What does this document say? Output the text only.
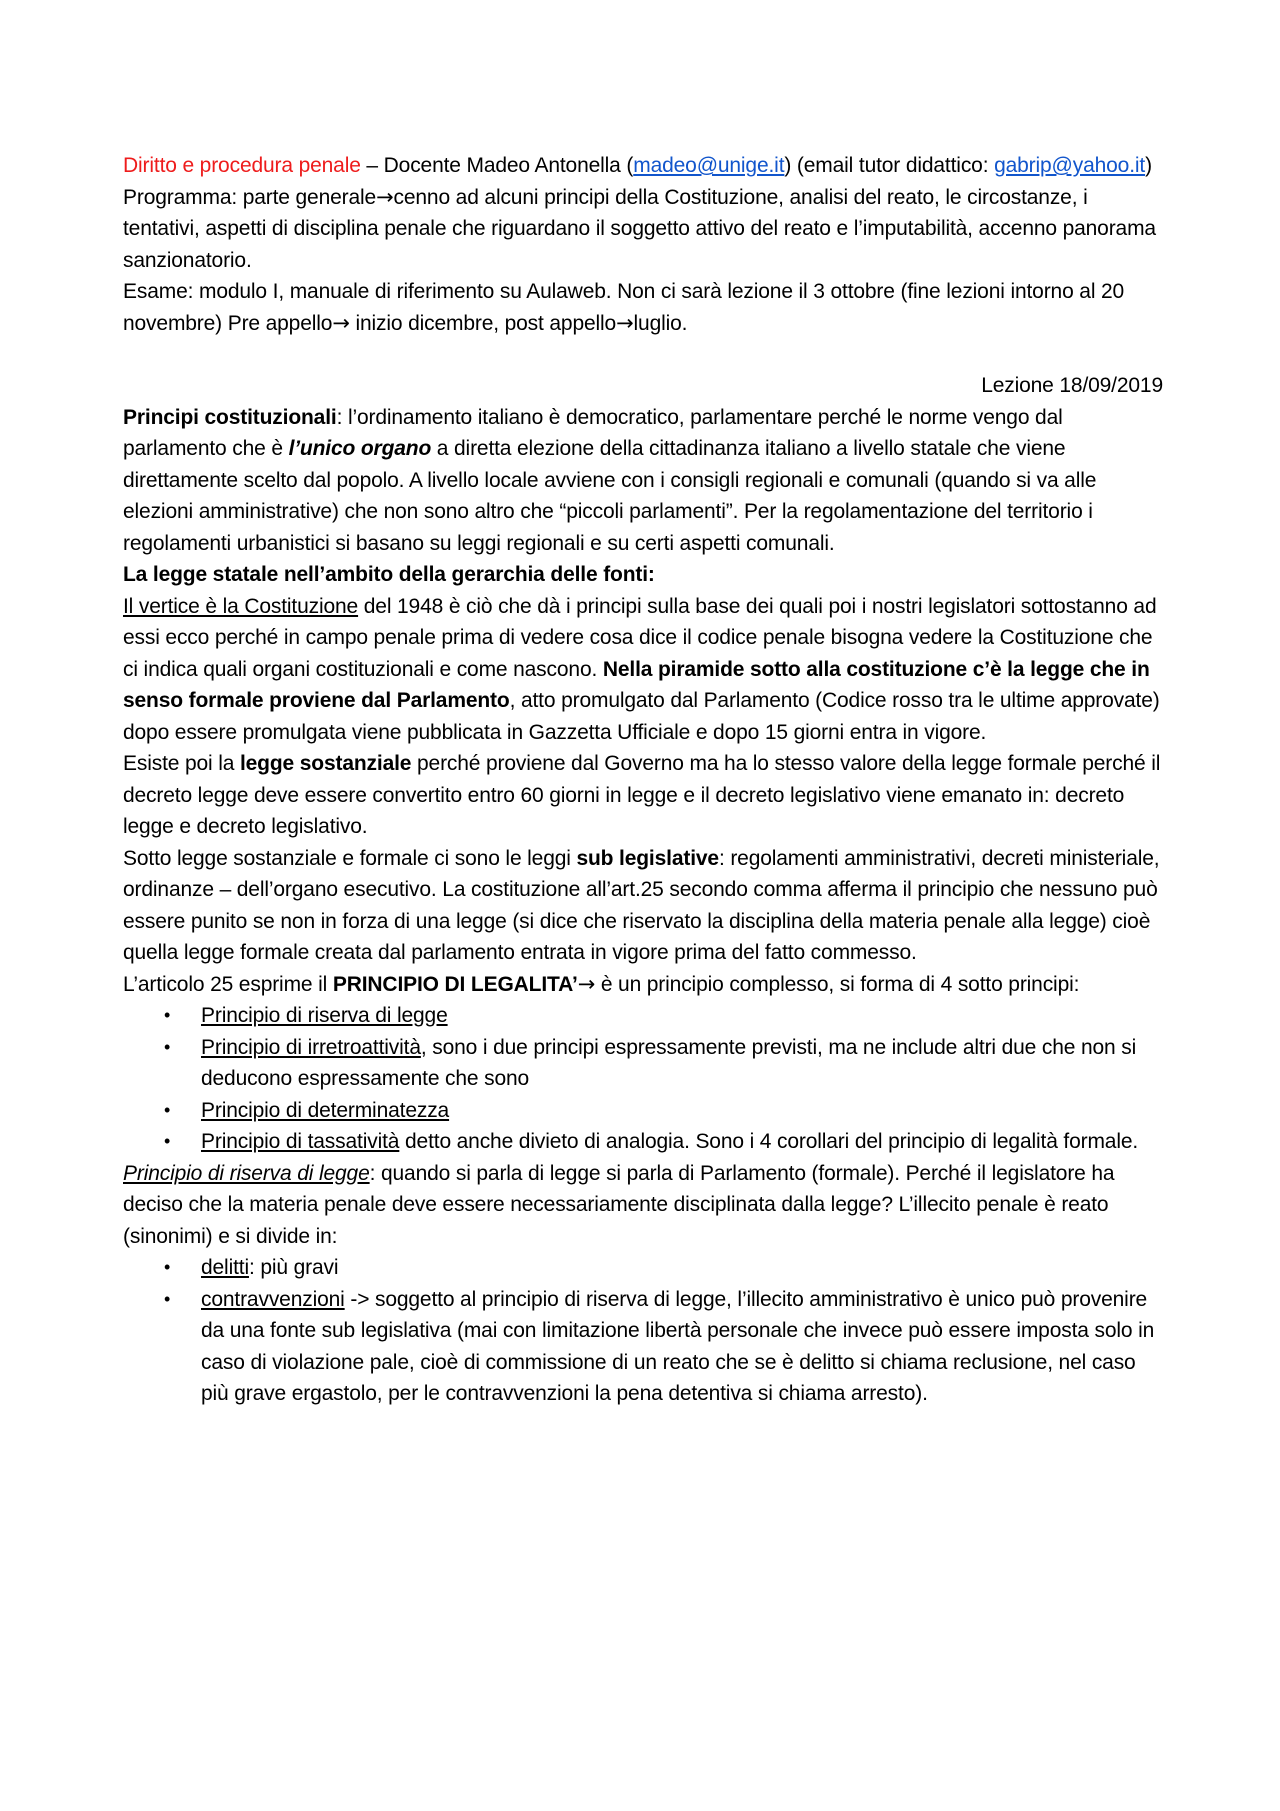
Diritto e procedura penale – Docente Madeo Antonella (madeo@unige.it) (email tutor didattico: gabrip@yahoo.it)

Programma: parte generale→cenno ad alcuni principi della Costituzione, analisi del reato, le circostanze, i tentativi, aspetti di disciplina penale che riguardano il soggetto attivo del reato e l’imputabilità, accenno panorama sanzionatorio.

Esame: modulo I, manuale di riferimento su Aulaweb. Non ci sarà lezione il 3 ottobre (fine lezioni intorno al 20 novembre) Pre appello→ inizio dicembre, post appello→luglio.

Lezione 18/09/2019

Principi costituzionali: l’ordinamento italiano è democratico, parlamentare perché le norme vengo dal parlamento che è l’unico organo a diretta elezione della cittadinanza italiano a livello statale che viene direttamente scelto dal popolo. A livello locale avviene con i consigli regionali e comunali (quando si va alle elezioni amministrative) che non sono altro che “piccoli parlamenti”. Per la regolamentazione del territorio i regolamenti urbanistici si basano su leggi regionali e su certi aspetti comunali.

La legge statale nell’ambito della gerarchia delle fonti:

Il vertice è la Costituzione del 1948 è ciò che dà i principi sulla base dei quali poi i nostri legislatori sottostanno ad essi ecco perché in campo penale prima di vedere cosa dice il codice penale bisogna vedere la Costituzione che ci indica quali organi costituzionali e come nascono. Nella piramide sotto alla costituzione c’è la legge che in senso formale proviene dal Parlamento, atto promulgato dal Parlamento (Codice rosso tra le ultime approvate) dopo essere promulgata viene pubblicata in Gazzetta Ufficiale e dopo 15 giorni entra in vigore.

Esiste poi la legge sostanziale perché proviene dal Governo ma ha lo stesso valore della legge formale perché il decreto legge deve essere convertito entro 60 giorni in legge e il decreto legislativo viene emanato in: decreto legge e decreto legislativo.

Sotto legge sostanziale e formale ci sono le leggi sub legislative: regolamenti amministrativi, decreti ministeriale, ordinanze – dell’organo esecutivo. La costituzione all’art.25 secondo comma afferma il principio che nessuno può essere punito se non in forza di una legge (si dice che riservato la disciplina della materia penale alla legge) cioè quella legge formale creata dal parlamento entrata in vigore prima del fatto commesso.

L’articolo 25 esprime il PRINCIPIO DI LEGALITA’→ è un principio complesso, si forma di 4 sotto principi:

• Principio di riserva di legge
• Principio di irretroattività, sono i due principi espressamente previsti, ma ne include altri due che non si deducono espressamente che sono
• Principio di determinatezza
• Principio di tassatività detto anche divieto di analogia. Sono i 4 corollari del principio di legalità formale.

Principio di riserva di legge: quando si parla di legge si parla di Parlamento (formale). Perché il legislatore ha deciso che la materia penale deve essere necessariamente disciplinata dalla legge? L’illecito penale è reato (sinonimi) e si divide in:

• delitti: più gravi
• contravvenzioni -> soggetto al principio di riserva di legge, l’illecito amministrativo è unico può provenire da una fonte sub legislativa (mai con limitazione libertà personale che invece può essere imposta solo in caso di violazione pale, cioè di commissione di un reato che se è delitto si chiama reclusione, nel caso più grave ergastolo, per le contravvenzioni la pena detentiva si chiama arresto).
